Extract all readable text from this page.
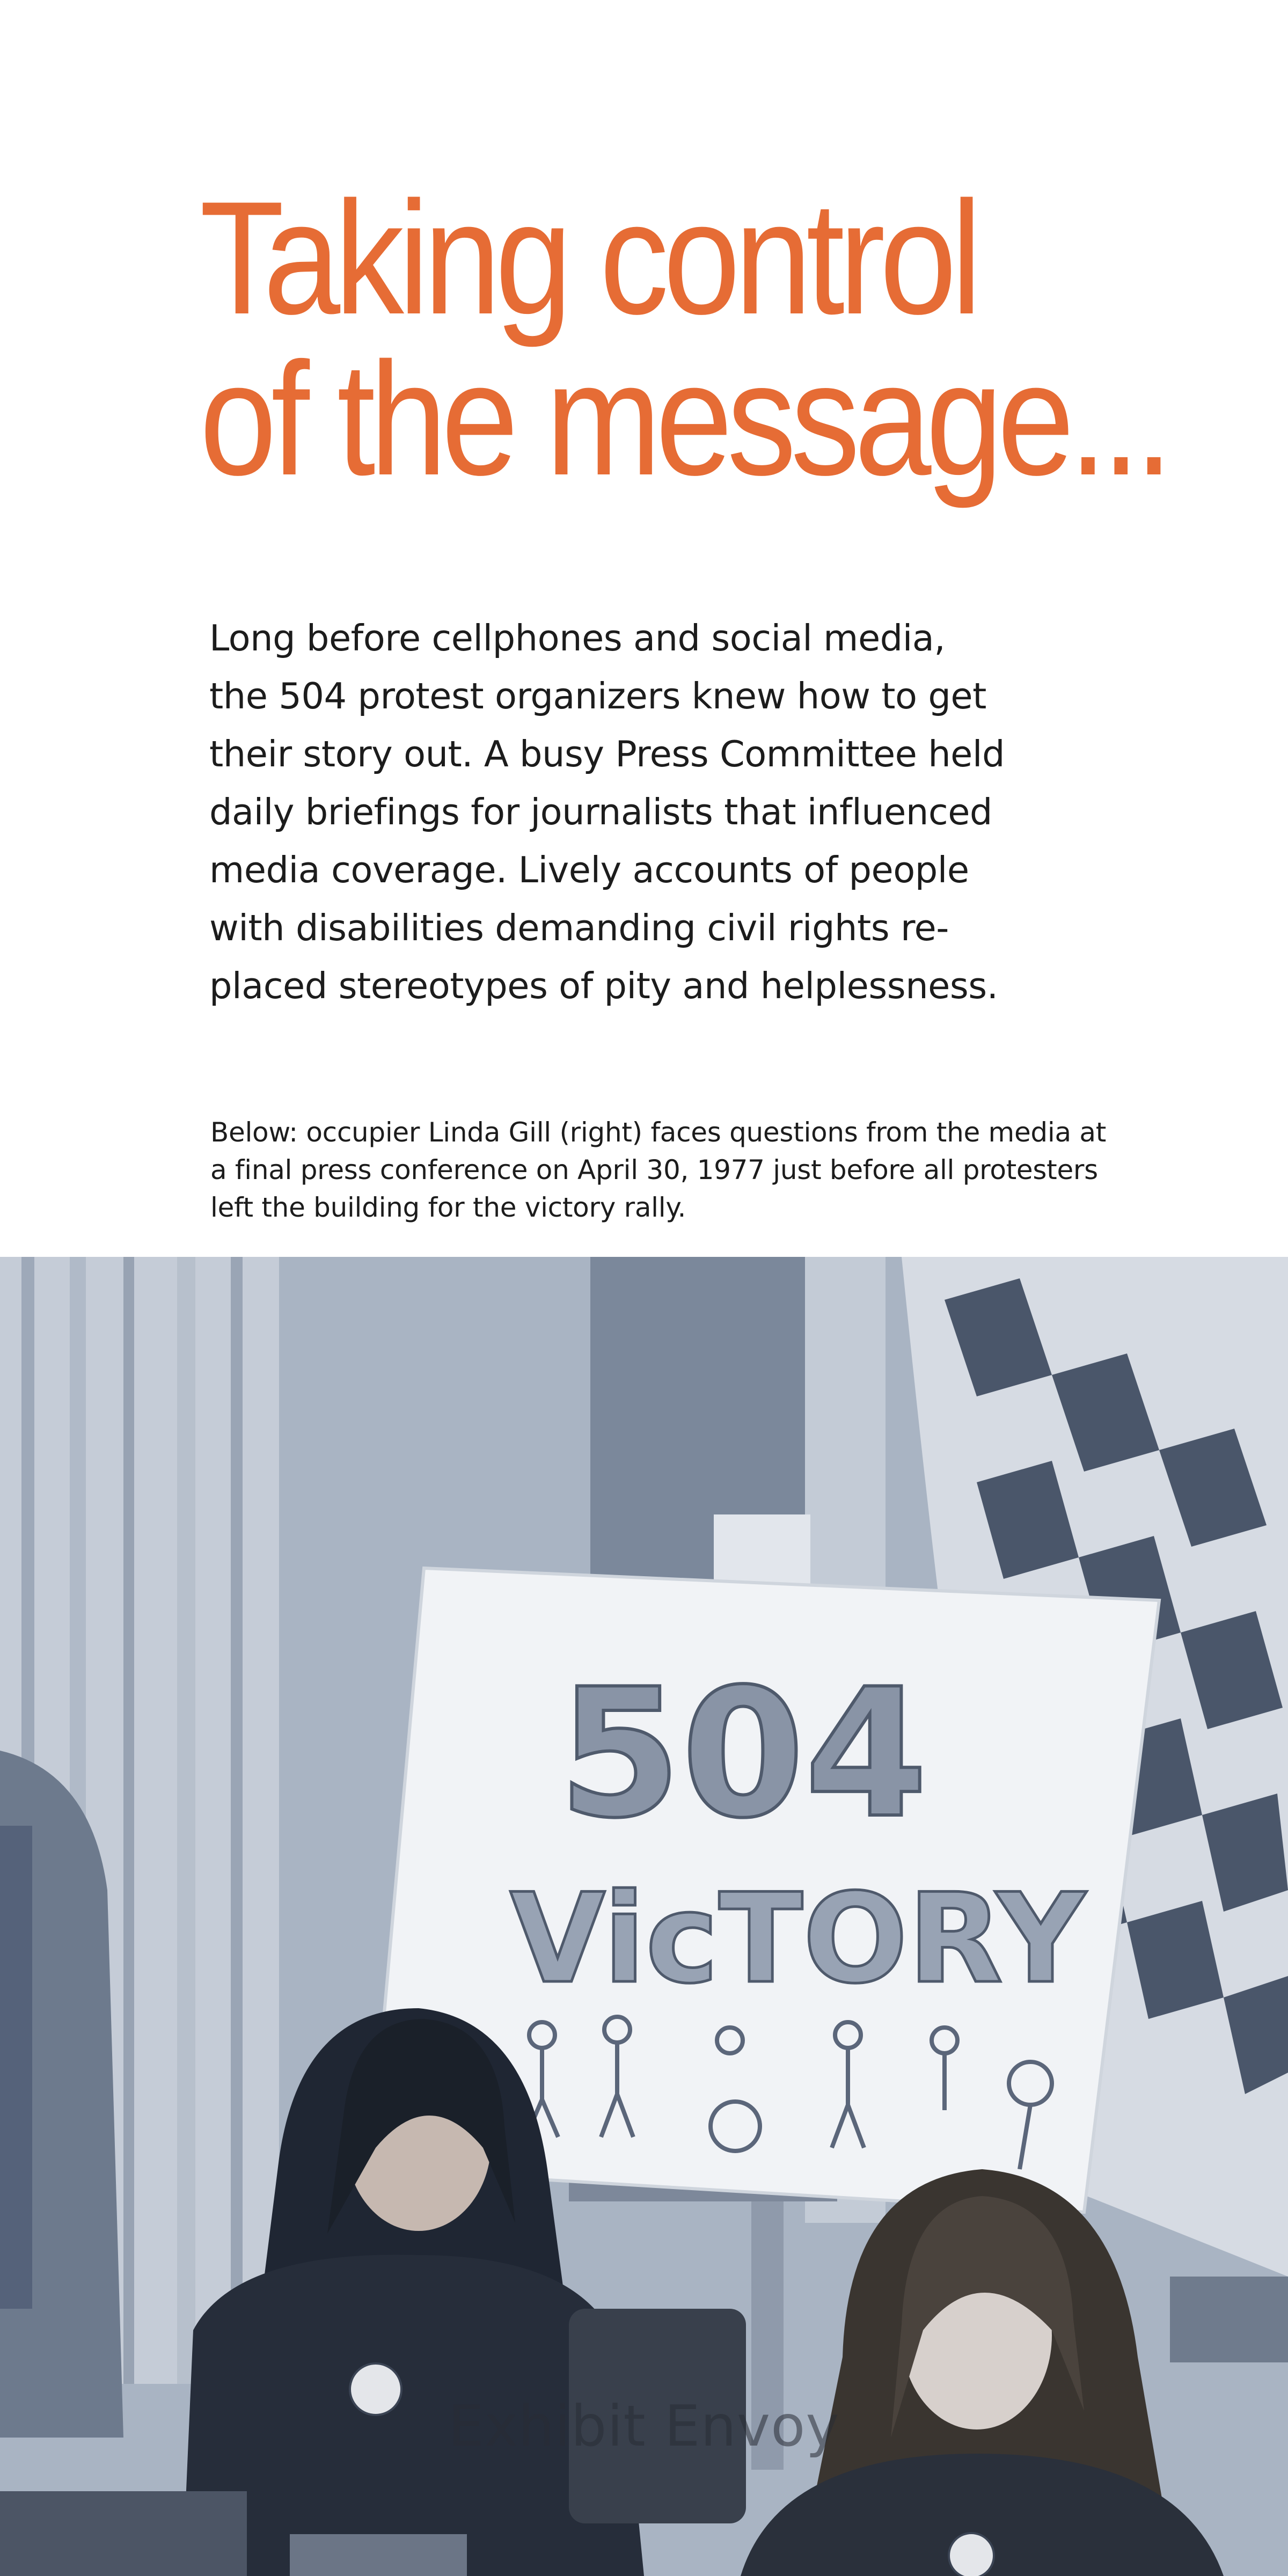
Taking control
of the message...
Long before cellphones and social media,
the 504 protest organizers knew how to get
their story out. A busy Press Committee held
daily briefings for journalists that influenced
media coverage. Lively accounts of people
with disabilities demanding civil rights re-
placed stereotypes of pity and helplessness.
Below: occupier Linda Gill (right) faces questions from the media at
a final press conference on April 30, 1977 just before all protesters
left the building for the victory rally.
504
VicTORY
Exhibit Envoy
